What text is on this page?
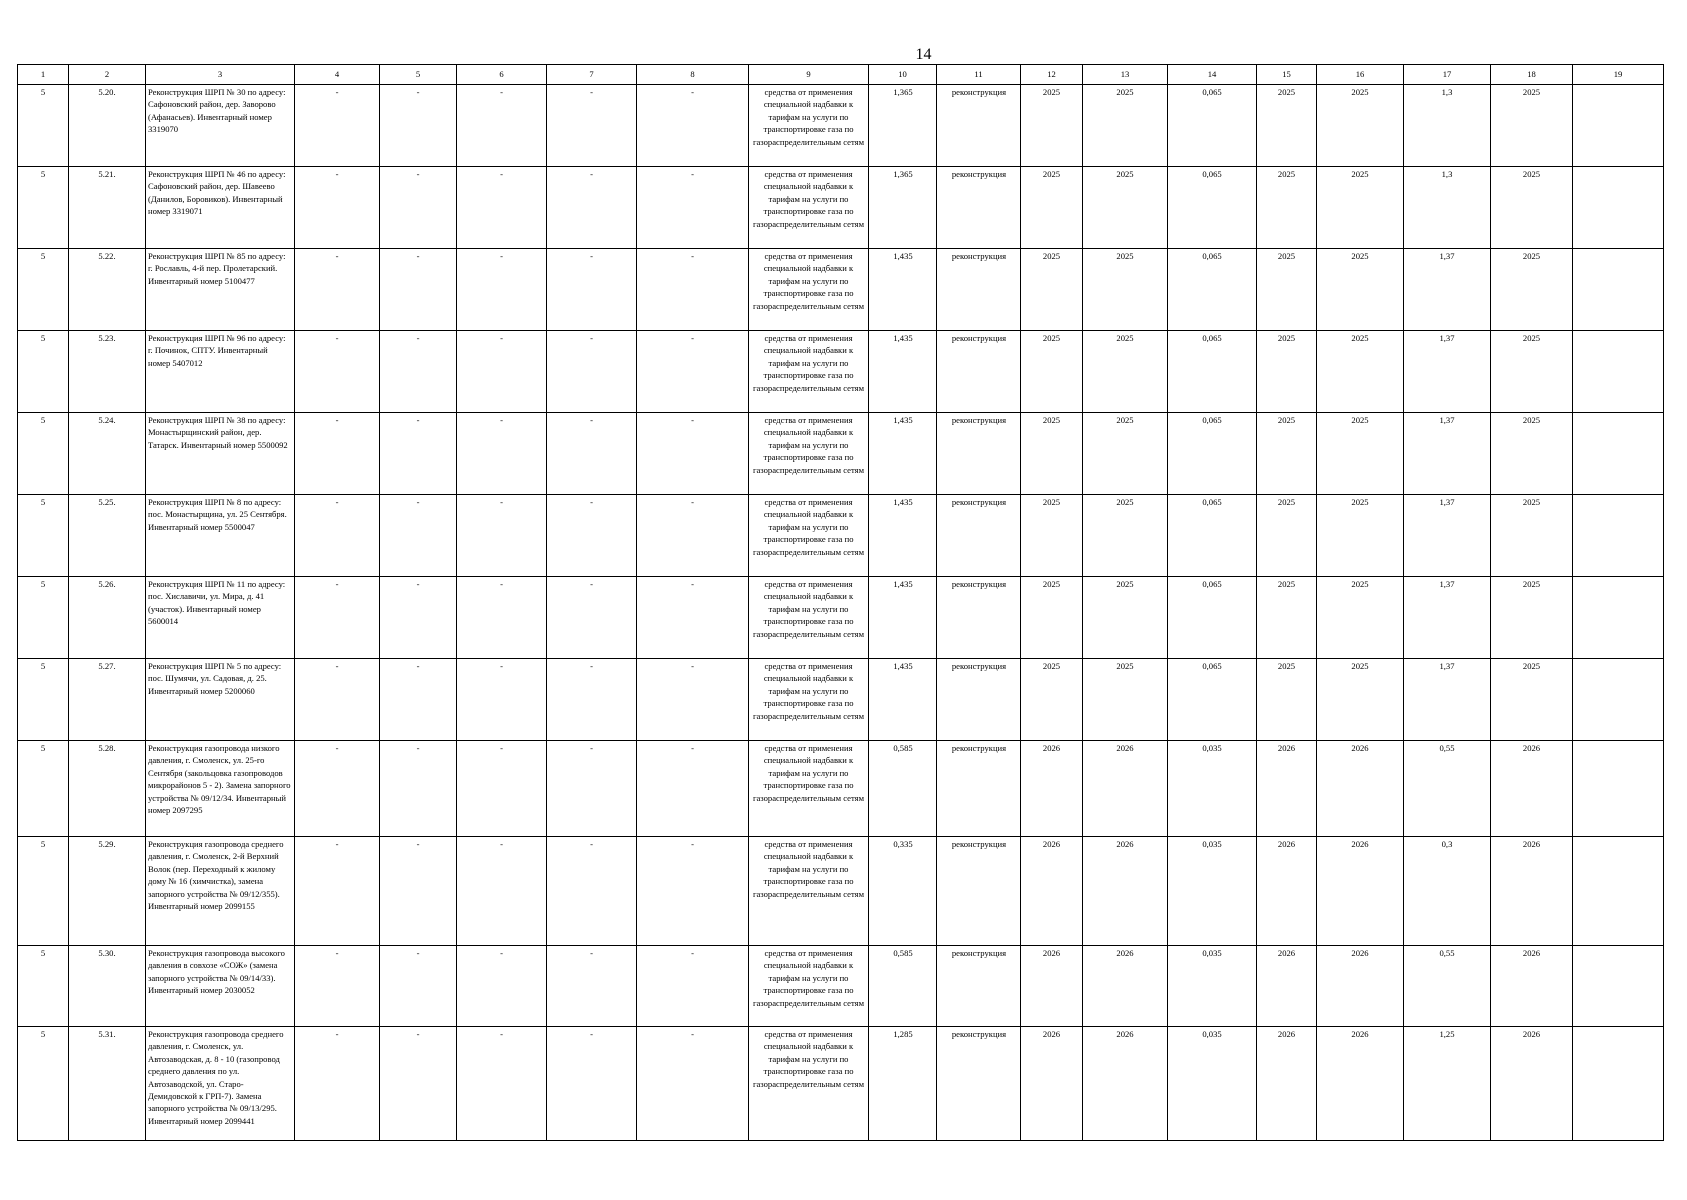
14
1	2	3	4	5	6	7	8	9	10	11	12	13	14	15	16	17	18	19
5	5.20.	Реконструкция ШРП № 30 по адресу: Сафоновский район, дер. Заворово (Афанасьев). Инвентарный номер 3319070	-	-	-	-	-	средства от применения специальной надбавки к тарифам на услуги по транспортировке газа по газораспределительным сетям	1,365	реконструкция	2025	2025	0,065	2025	2025	1,3	2025	
5	5.21.	Реконструкция ШРП № 46 по адресу: Сафоновский район, дер. Шавеево (Данилов, Боровиков). Инвентарный номер 3319071	-	-	-	-	-	средства от применения специальной надбавки к тарифам на услуги по транспортировке газа по газораспределительным сетям	1,365	реконструкция	2025	2025	0,065	2025	2025	1,3	2025	
5	5.22.	Реконструкция ШРП № 85 по адресу: г. Рославль, 4-й пер. Пролетарский. Инвентарный номер 5100477	-	-	-	-	-	средства от применения специальной надбавки к тарифам на услуги по транспортировке газа по газораспределительным сетям	1,435	реконструкция	2025	2025	0,065	2025	2025	1,37	2025	
5	5.23.	Реконструкция ШРП № 96 по адресу: г. Починок, СПТУ. Инвентарный номер 5407012	-	-	-	-	-	средства от применения специальной надбавки к тарифам на услуги по транспортировке газа по газораспределительным сетям	1,435	реконструкция	2025	2025	0,065	2025	2025	1,37	2025	
5	5.24.	Реконструкция ШРП № 38 по адресу: Монастырщинский район, дер. Татарск. Инвентарный номер 5500092	-	-	-	-	-	средства от применения специальной надбавки к тарифам на услуги по транспортировке газа по газораспределительным сетям	1,435	реконструкция	2025	2025	0,065	2025	2025	1,37	2025	
5	5.25.	Реконструкция ШРП № 8 по адресу: пос. Монастырщина, ул. 25 Сентября. Инвентарный номер 5500047	-	-	-	-	-	средства от применения специальной надбавки к тарифам на услуги по транспортировке газа по газораспределительным сетям	1,435	реконструкция	2025	2025	0,065	2025	2025	1,37	2025	
5	5.26.	Реконструкция ШРП № 11 по адресу: пос. Хиславичи, ул. Мира, д. 41 (участок). Инвентарный номер 5600014	-	-	-	-	-	средства от применения специальной надбавки к тарифам на услуги по транспортировке газа по газораспределительным сетям	1,435	реконструкция	2025	2025	0,065	2025	2025	1,37	2025	
5	5.27.	Реконструкция ШРП № 5 по адресу: пос. Шумячи, ул. Садовая, д. 25. Инвентарный номер 5200060	-	-	-	-	-	средства от применения специальной надбавки к тарифам на услуги по транспортировке газа по газораспределительным сетям	1,435	реконструкция	2025	2025	0,065	2025	2025	1,37	2025	
5	5.28.	Реконструкция газопровода низкого давления, г. Смоленск, ул. 25-го Сентября (закольцовка газопроводов микрорайонов 5 - 2). Замена запорного устройства № 09/12/34. Инвентарный номер 2097295	-	-	-	-	-	средства от применения специальной надбавки к тарифам на услуги по транспортировке газа по газораспределительным сетям	0,585	реконструкция	2026	2026	0,035	2026	2026	0,55	2026	
5	5.29.	Реконструкция газопровода среднего давления, г. Смоленск, 2-й Верхний Волок (пер. Переходный к жилому дому № 16 (химчистка), замена запорного устройства № 09/12/355). Инвентарный номер 2099155	-	-	-	-	-	средства от применения специальной надбавки к тарифам на услуги по транспортировке газа по газораспределительным сетям	0,335	реконструкция	2026	2026	0,035	2026	2026	0,3	2026	
5	5.30.	Реконструкция газопровода высокого давления в совхозе «СОЖ» (замена запорного устройства № 09/14/33). Инвентарный номер 2030052	-	-	-	-	-	средства от применения специальной надбавки к тарифам на услуги по транспортировке газа по газораспределительным сетям	0,585	реконструкция	2026	2026	0,035	2026	2026	0,55	2026	
5	5.31.	Реконструкция газопровода среднего давления, г. Смоленск, ул. Автозаводская, д. 8 - 10 (газопровод среднего давления по ул. Автозаводской, ул. Старо-Демидовской к ГРП-7). Замена запорного устройства № 09/13/295. Инвентарный номер 2099441	-	-	-	-	-	средства от применения специальной надбавки к тарифам на услуги по транспортировке газа по газораспределительным сетям	1,285	реконструкция	2026	2026	0,035	2026	2026	1,25	2026	
